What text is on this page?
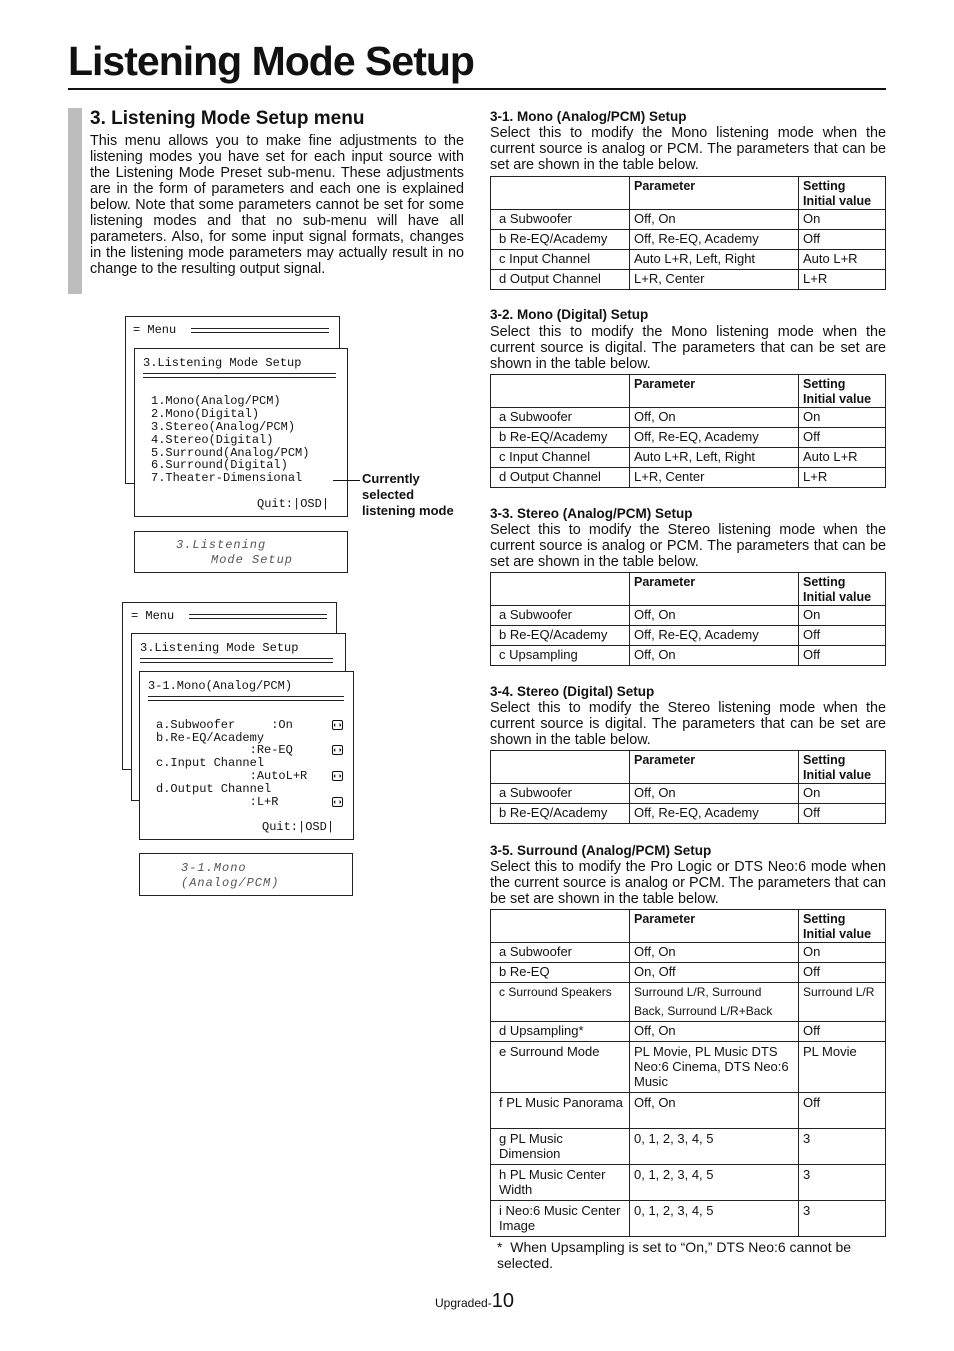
Listening Mode Setup
3. Listening Mode Setup menu

This menu allows you to make fine adjustments to the listening modes you have set for each input source with the Listening Mode Preset sub-menu. These adjustments are in the form of parameters and each one is explained below. Note that some parameters cannot be set for some listening modes and that no sub-menu will have all parameters. Also, for some input signal formats, changes in the listening mode parameters may actually result in no change to the resulting output signal.

= Menu
3.Listening Mode Setup
1.Mono(Analog/PCM)
2.Mono(Digital)
3.Stereo(Analog/PCM)
4.Stereo(Digital)
5.Surround(Analog/PCM)
6.Surround(Digital)
7.Theater-Dimensional
Quit:|OSD|
Currently selected listening mode
3.Listening
Mode Setup
= Menu
3.Listening Mode Setup
3-1.Mono(Analog/PCM)
a.Subwoofer     :On	◐◑
b.Re-EQ/Academy
:Re-EQ	◐◑
c.Input Channel
:AutoL+R	◐◑
d.Output Channel
:L+R	◐◑
Quit:|OSD|
3-1.Mono
(Analog/PCM)
3-1. Mono (Analog/PCM) Setup

Select this to modify the Mono listening mode when the current source is analog or PCM. The parameters that can be set are shown in the table below.

	Parameter	Setting
Initial value
a Subwoofer	Off, On	On
b Re-EQ/Academy	Off, Re-EQ, Academy	Off
c Input Channel	Auto L+R, Left, Right	Auto L+R
d Output Channel	L+R, Center	L+R
3-2. Mono (Digital) Setup

Select this to modify the Mono listening mode when the current source is digital. The parameters that can be set are shown in the table below.

	Parameter	Setting
Initial value
a Subwoofer	Off, On	On
b Re-EQ/Academy	Off, Re-EQ, Academy	Off
c Input Channel	Auto L+R, Left, Right	Auto L+R
d Output Channel	L+R, Center	L+R
3-3. Stereo (Analog/PCM) Setup

Select this to modify the Stereo listening mode when the current source is analog or PCM. The parameters that can be set are shown in the table below.

	Parameter	Setting
Initial value
a Subwoofer	Off, On	On
b Re-EQ/Academy	Off, Re-EQ, Academy	Off
c Upsampling	Off, On	Off
3-4. Stereo (Digital) Setup

Select this to modify the Stereo listening mode when the current source is digital. The parameters that can be set are shown in the table below.

	Parameter	Setting
Initial value
a Subwoofer	Off, On	On
b Re-EQ/Academy	Off, Re-EQ, Academy	Off
3-5. Surround (Analog/PCM) Setup

Select this to modify the Pro Logic or DTS Neo:6 mode when the current source is analog or PCM. The parameters that can be set are shown in the table below.

	Parameter	Setting
Initial value
a Subwoofer	Off, On	On
b Re-EQ	On, Off	Off
c Surround Speakers	Surround L/R, Surround Back, Surround L/R+Back	Surround L/R
d Upsampling*	Off, On	Off
e Surround Mode	PL Movie, PL Music DTS Neo:6 Cinema, DTS Neo:6 Music	PL Movie
f PL Music Panorama	Off, On	Off
g PL Music Dimension	0, 1, 2, 3, 4, 5	3
h PL Music Center Width	0, 1, 2, 3, 4, 5	3
i Neo:6 Music Center Image	0, 1, 2, 3, 4, 5	3
*  When Upsampling is set to “On,” DTS Neo:6 cannot be selected.
Upgraded-10
